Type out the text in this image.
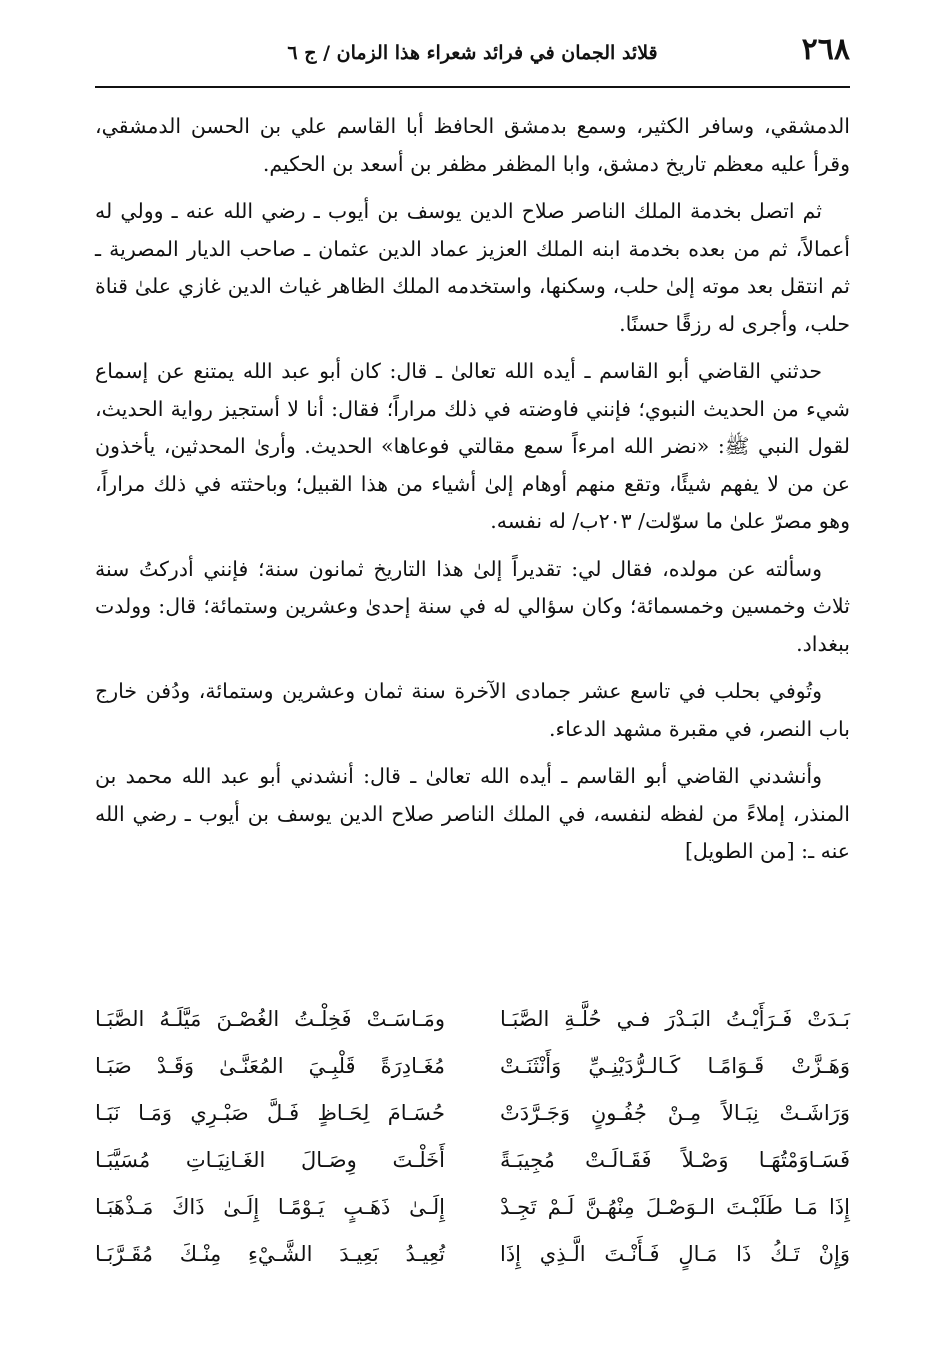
٢٦٨
قلائد الجمان في فرائد شعراء هذا الزمان / ج ٦

الدمشقي، وسافر الكثير، وسمع بدمشق الحافظ أبا القاسم علي بن الحسن الدمشقي، وقرأ عليه معظم تاريخ دمشق، وابا المظفر مظفر بن أسعد بن الحكيم.

ثم اتصل بخدمة الملك الناصر صلاح الدين يوسف بن أيوب ـ رضي الله عنه ـ وولي له أعمالاً، ثم من بعده بخدمة ابنه الملك العزيز عماد الدين عثمان ـ صاحب الديار المصرية ـ ثم انتقل بعد موته إلىٰ حلب، وسكنها، واستخدمه الملك الظاهر غياث الدين غازي علىٰ قناة حلب، وأجرى له رزقًا حسنًا.

حدثني القاضي أبو القاسم ـ أيده الله تعالىٰ ـ قال: كان أبو عبد الله يمتنع عن إسماع شيء من الحديث النبوي؛ فإنني فاوضته في ذلك مراراً؛ فقال: أنا لا أستجيز رواية الحديث، لقول النبي ﷺ: «نضر الله امرءاً سمع مقالتي فوعاها» الحديث. وأرىٰ المحدثين، يأخذون عن من لا يفهم شيئًا، وتقع منهم أوهام إلىٰ أشياء من هذا القبيل؛ وباحثته في ذلك مراراً، وهو مصرّ علىٰ ما سوّلت/ ٢٠٣ب/ له نفسه.

وسألته عن مولده، فقال لي: تقديراً إلىٰ هذا التاريخ ثمانون سنة؛ فإنني أدركتُ سنة ثلاث وخمسين وخمسمائة؛ وكان سؤالي له في سنة إحدىٰ وعشرين وستمائة؛ قال: وولدت ببغداد.

وتُوفي بحلب في تاسع عشر جمادى الآخرة سنة ثمان وعشرين وستمائة، ودُفن خارج باب النصر، في مقبرة مشهد الدعاء.

وأنشدني القاضي أبو القاسم ـ أيده الله تعالىٰ ـ قال: أنشدني أبو عبد الله محمد بن المنذر، إملاءً من لفظه لنفسه، في الملك الناصر صلاح الدين يوسف بن أيوب ـ رضي الله عنه ـ: [من الطويل]

بَـدَتْ فَـرَأَيْـتُ البَـدْرَ فـي حُلَّـةِ الصَّبَـا
ومَـاسَـتْ فَخِلْـتُ الغُصْـنَ مَيَّلَـهُ الصَّبَـا
وَهَـزَّتْ قَـوَامًـا كَـالـرُّدَيْنِـيِّ وَأَنْثَنَـتْ
مُغَـادِرَةً قَلْبِـيَ المُعَنَّـىٰ وَقَـدْ صَبَـا
وَرَاشَـتْ نِبَـالاً مِـنْ جُفُـونٍ وَجَـرَّدَتْ
حُسَـامَ لِحَـاظٍ فَـلَّ صَبْـرِي وَمَـا نَبَـا
فَسَـاوَمْتُهَـا وَصْـلاً فَقَـالَـتْ مُجِيبَـةً
أَخَلْـتَ وِصَـالَ الغَـانِيَـاتِ مُسَيَّبَـا
إِذَا مَـا طَلَبْـتَ الـوَصْـلَ مِنْهُـنَّ لَـمْ تَجِـدْ
إِلَـىٰ ذَهَـبٍ يَـوْمًـا إِلَـىٰ ذَاكَ مَـذْهَبَـا
وَإِنْ تَـكُ ذَا مَـالٍ فَـأَنْـتَ الَّـذِي إِذَا
تُعِيـدُ بَعِيـدَ الشَّـيْءِ مِنْـكَ مُقَـرَّبَـا
